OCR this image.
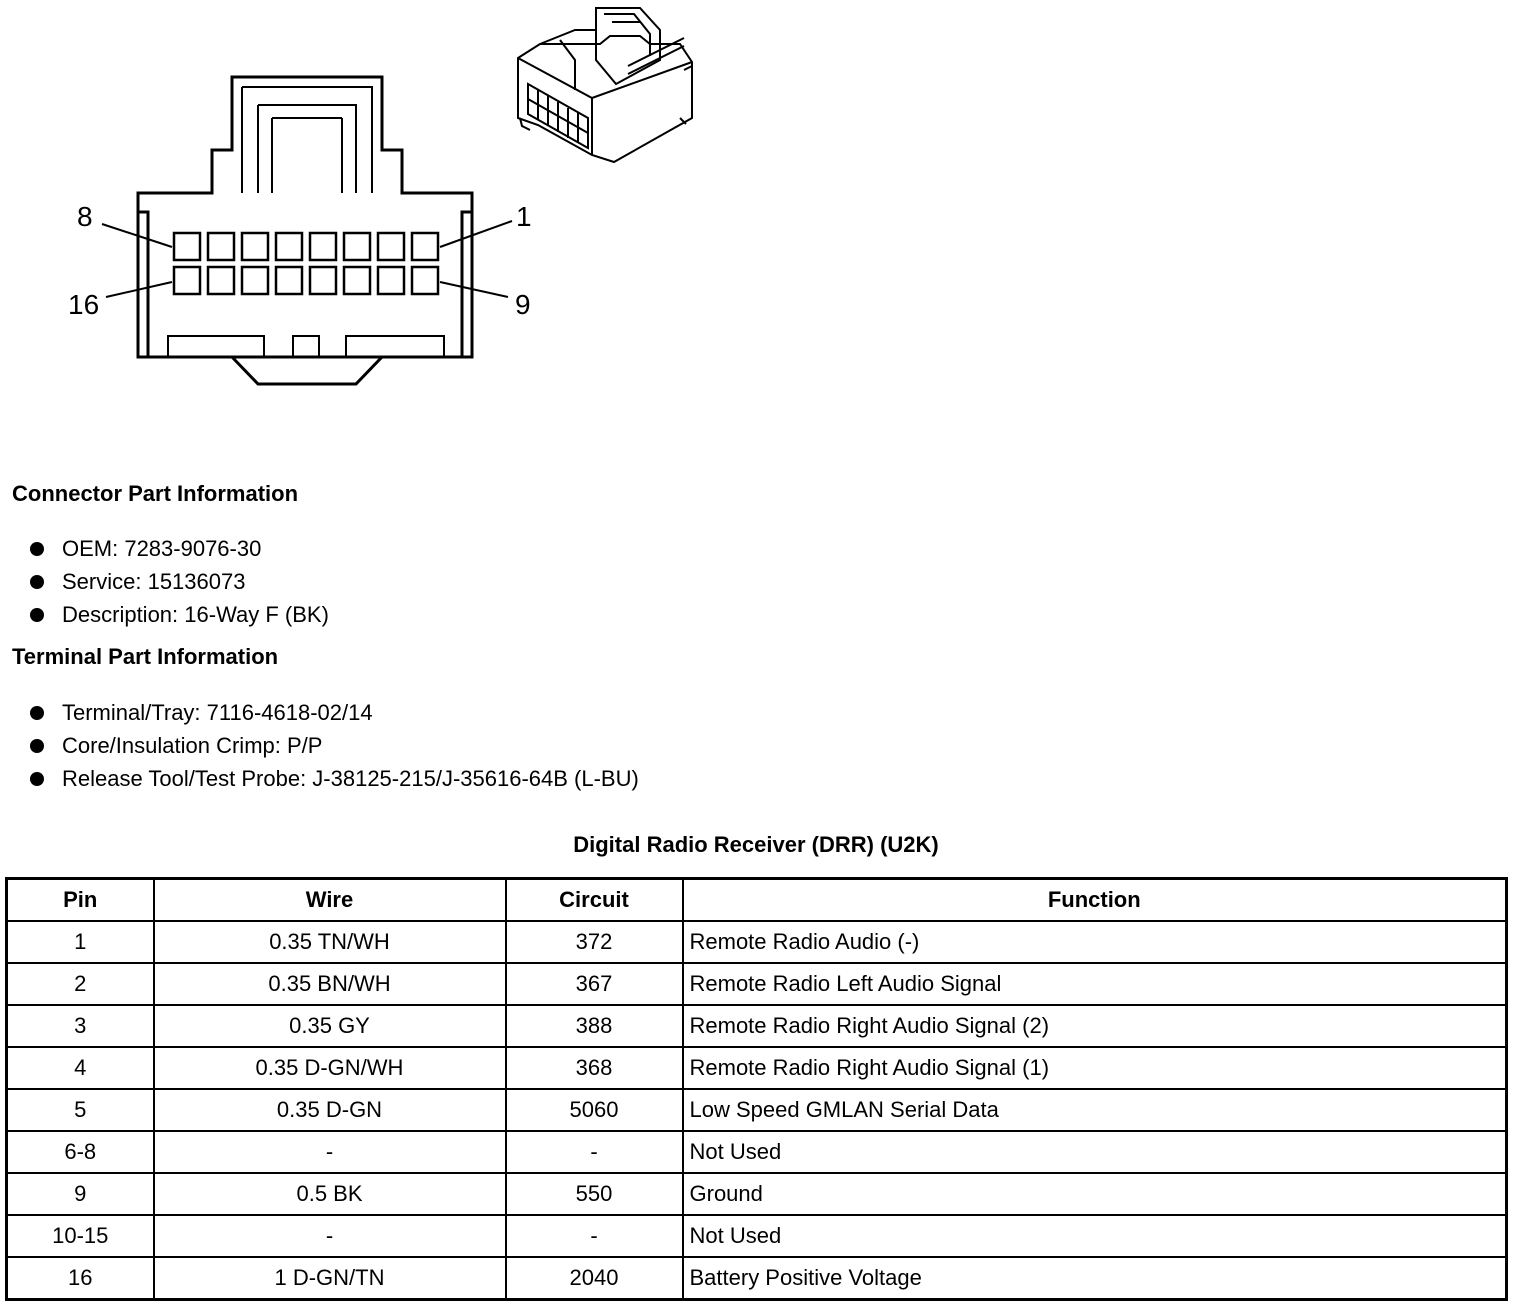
8	1
16	9
Connector Part Information
OEM: 7283-9076-30
Service: 15136073
Description: 16-Way F (BK)
Terminal Part Information
Terminal/Tray: 7116-4618-02/14
Core/Insulation Crimp: P/P
Release Tool/Test Probe: J-38125-215/J-35616-64B (L-BU)
Digital Radio Receiver (DRR) (U2K)
Pin	Wire	Circuit	Function
1	0.35 TN/WH	372	Remote Radio Audio (-)
2	0.35 BN/WH	367	Remote Radio Left Audio Signal
3	0.35 GY	388	Remote Radio Right Audio Signal (2)
4	0.35 D-GN/WH	368	Remote Radio Right Audio Signal (1)
5	0.35 D-GN	5060	Low Speed GMLAN Serial Data
6-8	-	-	Not Used
9	0.5 BK	550	Ground
10-15	-	-	Not Used
16	1 D-GN/TN	2040	Battery Positive Voltage
